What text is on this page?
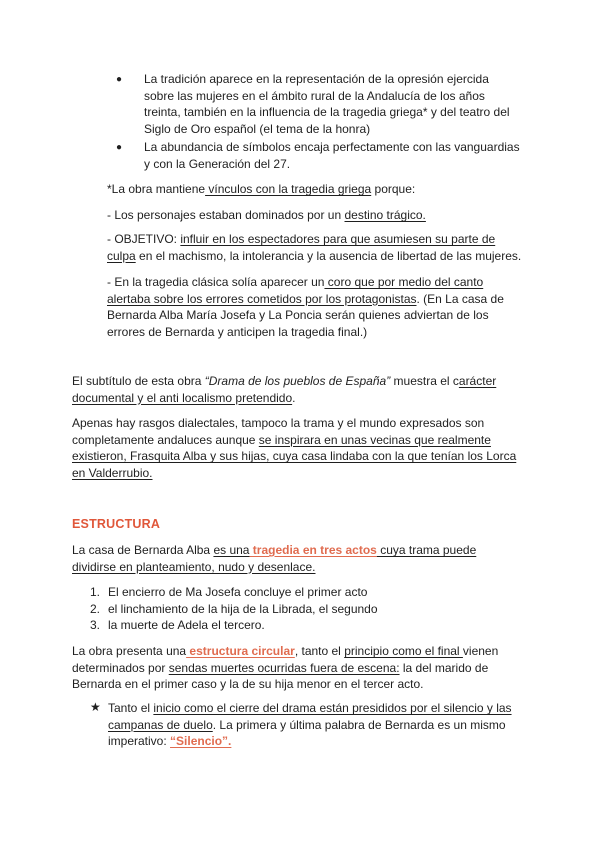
● La tradición aparece en la representación de la opresión ejercida
sobre las mujeres en el ámbito rural de la Andalucía de los años
treinta, también en la influencia de la tragedia griega* y del teatro del
Siglo de Oro español (el tema de la honra)
● La abundancia de símbolos encaja perfectamente con las vanguardias
y con la Generación del 27.
*La obra mantiene vínculos con la tragedia griega porque:
- Los personajes estaban dominados por un destino trágico.
- OBJETIVO: influir en los espectadores para que asumiesen su parte de
culpa en el machismo, la intolerancia y la ausencia de libertad de las mujeres.
- En la tragedia clásica solía aparecer un coro que por medio del canto
alertaba sobre los errores cometidos por los protagonistas. (En La casa de
Bernarda Alba María Josefa y La Poncia serán quienes adviertan de los
errores de Bernarda y anticipen la tragedia final.)
El subtítulo de esta obra “Drama de los pueblos de España” muestra el carácter
documental y el anti localismo pretendido.
Apenas hay rasgos dialectales, tampoco la trama y el mundo expresados son
completamente andaluces aunque se inspirara en unas vecinas que realmente
existieron, Frasquita Alba y sus hijas, cuya casa lindaba con la que tenían los Lorca
en Valderrubio.
ESTRUCTURA
La casa de Bernarda Alba es una tragedia en tres actos cuya trama puede
dividirse en planteamiento, nudo y desenlace.
1. El encierro de Ma Josefa concluye el primer acto
2. el linchamiento de la hija de la Librada, el segundo
3. la muerte de Adela el tercero.
La obra presenta una estructura circular, tanto el principio como el final vienen
determinados por sendas muertes ocurridas fuera de escena: la del marido de
Bernarda en el primer caso y la de su hija menor en el tercer acto.
★ Tanto el inicio como el cierre del drama están presididos por el silencio y las
campanas de duelo. La primera y última palabra de Bernarda es un mismo
imperativo: “Silencio”.
